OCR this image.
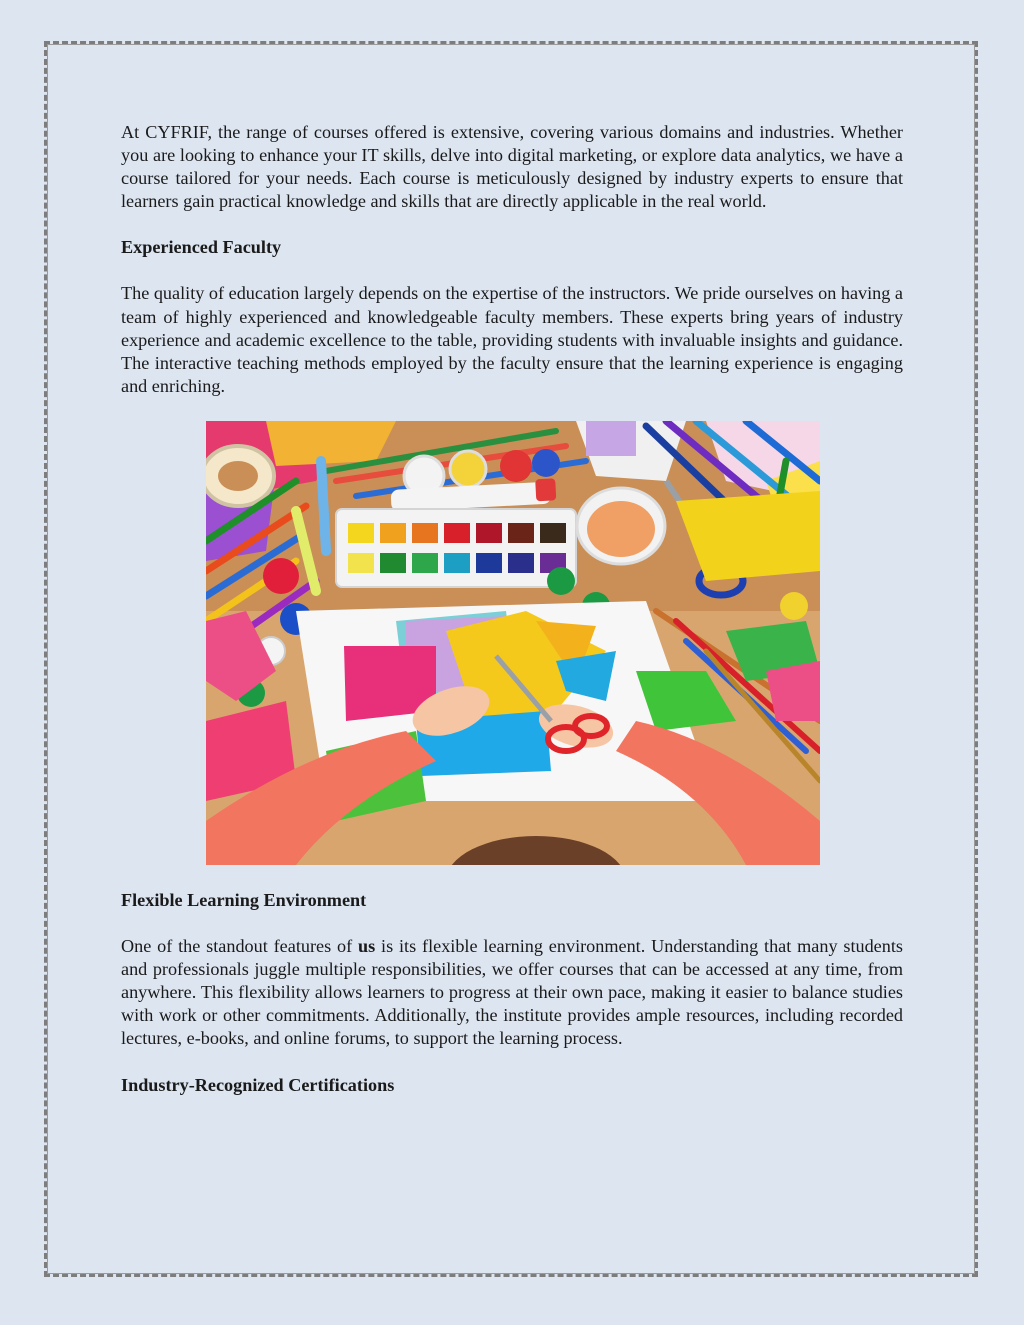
At CYFRIF, the range of courses offered is extensive, covering various domains and industries. Whether you are looking to enhance your IT skills, delve into digital marketing, or explore data analytics, we have a course tailored for your needs. Each course is meticulously designed by industry experts to ensure that learners gain practical knowledge and skills that are directly applicable in the real world.

Experienced Faculty

The quality of education largely depends on the expertise of the instructors. We pride ourselves on having a team of highly experienced and knowledgeable faculty members. These experts bring years of industry experience and academic excellence to the table, providing students with invaluable insights and guidance. The interactive teaching methods employed by the faculty ensure that the learning experience is engaging and enriching.

Flexible Learning Environment

One of the standout features of us is its flexible learning environment. Understanding that many students and professionals juggle multiple responsibilities, we offer courses that can be accessed at any time, from anywhere. This flexibility allows learners to progress at their own pace, making it easier to balance studies with work or other commitments. Additionally, the institute provides ample resources, including recorded lectures, e-books, and online forums, to support the learning process.

Industry-Recognized Certifications
